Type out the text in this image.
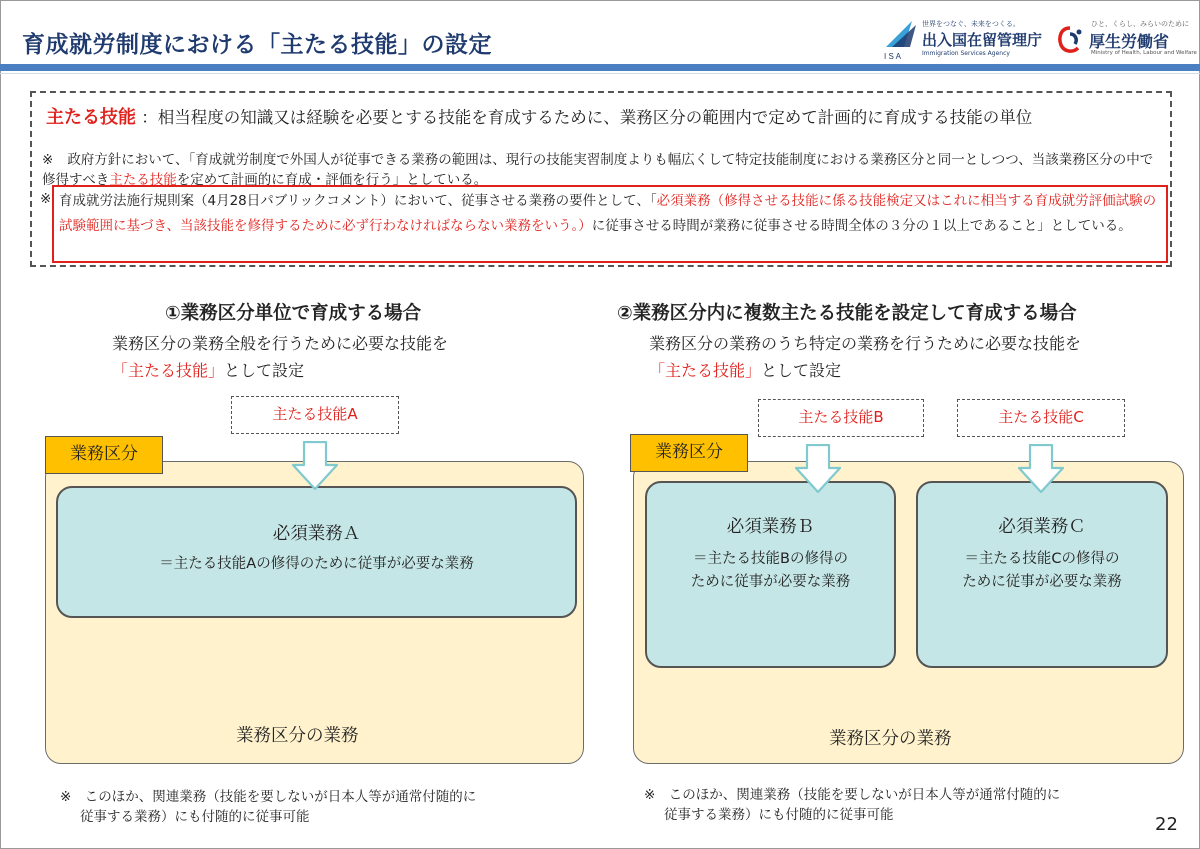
育成就労制度における「主たる技能」の設定	I S A
世界をつなぐ、未来をつくる。
出入国在留管理庁
Immigration Services Agency
ひと、くらし、みらいのために
厚生労働省
Ministry of Health, Labour and Welfare
主たる技能 ：相当程度の知識又は経験を必要とする技能を育成するために、業務区分の範囲内で定めて計画的に育成する技能の単位
※ 政府方針において、「育成就労制度で外国人が従事できる業務の範囲は、現行の技能実習制度よりも幅広くして特定技能制度における業務区分と同一としつつ、当該業務区分の中で修得すべき主たる技能を定めて計画的に育成・評価を行う」としている。
※ 育成就労法施行規則案（4月28日パブリックコメント）において、従事させる業務の要件として、「必須業務（修得させる技能に係る技能検定又はこれに相当する育成就労評価試験の試験範囲に基づき、当該技能を修得するために必ず行わなければならない業務をいう。）に従事させる時間が業務に従事させる時間全体の３分の１以上であること」としている。
①業務区分単位で育成する場合
業務区分の業務全般を行うために必要な技能を
「主たる技能」として設定
主たる技能A
業務区分
必須業務Ａ
＝主たる技能Aの修得のために従事が必要な業務
業務区分の業務
※　このほか、関連業務（技能を要しないが日本人等が通常付随的に
従事する業務）にも付随的に従事可能
②業務区分内に複数主たる技能を設定して育成する場合
業務区分の業務のうち特定の業務を行うために必要な技能を
「主たる技能」として設定
主たる技能B	主たる技能C
業務区分
必須業務Ｂ
＝主たる技能Bの修得の
ために従事が必要な業務
必須業務Ｃ
＝主たる技能Cの修得の
ために従事が必要な業務
業務区分の業務
※　このほか、関連業務（技能を要しないが日本人等が通常付随的に
従事する業務）にも付随的に従事可能	22
